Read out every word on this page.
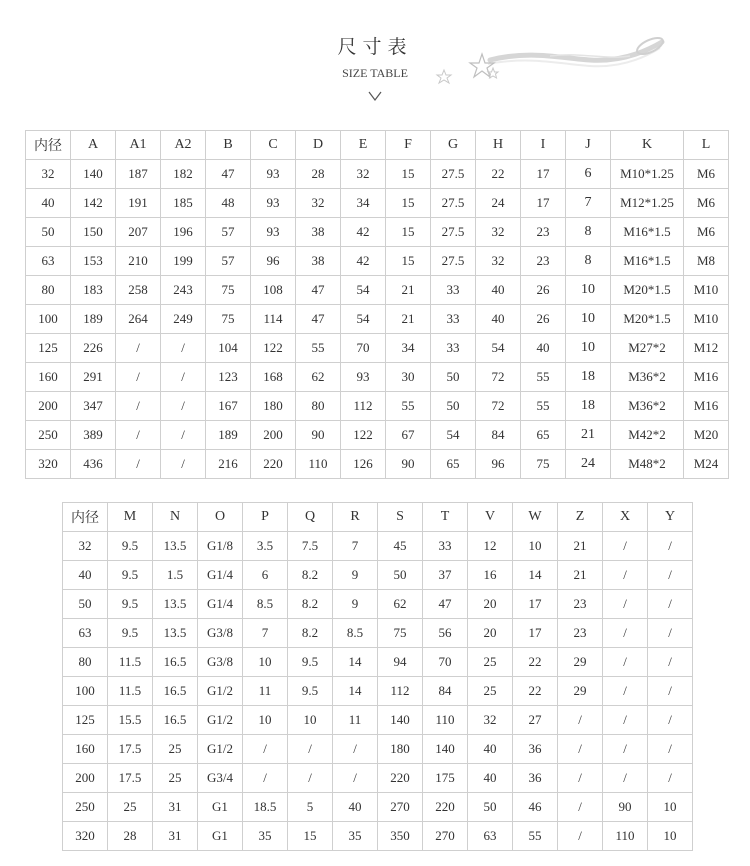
尺寸表
SIZE TABLE
内径	A	A1	A2	B	C	D	E	F	G	H	I	J	K	L
32	140	187	182	47	93	28	32	15	27.5	22	17	6	M10*1.25	M6
40	142	191	185	48	93	32	34	15	27.5	24	17	7	M12*1.25	M6
50	150	207	196	57	93	38	42	15	27.5	32	23	8	M16*1.5	M6
63	153	210	199	57	96	38	42	15	27.5	32	23	8	M16*1.5	M8
80	183	258	243	75	108	47	54	21	33	40	26	10	M20*1.5	M10
100	189	264	249	75	114	47	54	21	33	40	26	10	M20*1.5	M10
125	226	/	/	104	122	55	70	34	33	54	40	10	M27*2	M12
160	291	/	/	123	168	62	93	30	50	72	55	18	M36*2	M16
200	347	/	/	167	180	80	112	55	50	72	55	18	M36*2	M16
250	389	/	/	189	200	90	122	67	54	84	65	21	M42*2	M20
320	436	/	/	216	220	110	126	90	65	96	75	24	M48*2	M24
内径	M	N	O	P	Q	R	S	T	V	W	Z	X	Y
32	9.5	13.5	G1/8	3.5	7.5	7	45	33	12	10	21	/	/
40	9.5	1.5	G1/4	6	8.2	9	50	37	16	14	21	/	/
50	9.5	13.5	G1/4	8.5	8.2	9	62	47	20	17	23	/	/
63	9.5	13.5	G3/8	7	8.2	8.5	75	56	20	17	23	/	/
80	11.5	16.5	G3/8	10	9.5	14	94	70	25	22	29	/	/
100	11.5	16.5	G1/2	11	9.5	14	112	84	25	22	29	/	/
125	15.5	16.5	G1/2	10	10	11	140	110	32	27	/	/	/
160	17.5	25	G1/2	/	/	/	180	140	40	36	/	/	/
200	17.5	25	G3/4	/	/	/	220	175	40	36	/	/	/
250	25	31	G1	18.5	5	40	270	220	50	46	/	90	10
320	28	31	G1	35	15	35	350	270	63	55	/	110	10
